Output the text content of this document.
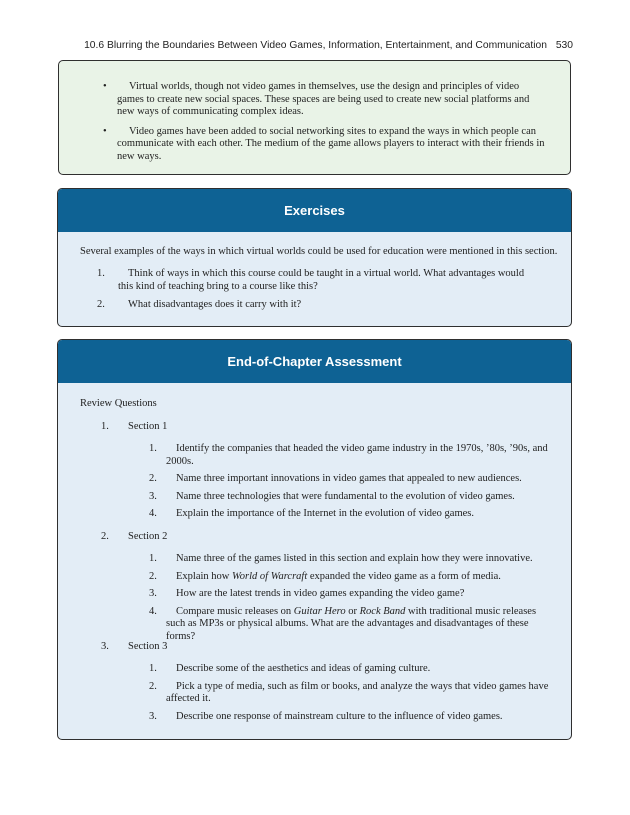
10.6 Blurring the Boundaries Between Video Games, Information, Entertainment, and Communication 530
•	Virtual worlds, though not video games in themselves, use the design and principles of video games to create new social spaces. These spaces are being used to create new social platforms and new ways of communicating complex ideas.
•	Video games have been added to social networking sites to expand the ways in which people can communicate with each other. The medium of the game allows players to interact with their friends in new ways.
Exercises
Several examples of the ways in which virtual worlds could be used for education were mentioned in this section.
1.	Think of ways in which this course could be taught in a virtual world. What advantages would this kind of teaching bring to a course like this?
2.	What disadvantages does it carry with it?
End-of-Chapter Assessment
Review Questions
1. Section 1
1.	Identify the companies that headed the video game industry in the 1970s, ’80s, ’90s, and 2000s.
2.	Name three important innovations in video games that appealed to new audiences.
3.	Name three technologies that were fundamental to the evolution of video games.
4.	Explain the importance of the Internet in the evolution of video games.
2. Section 2
1.	Name three of the games listed in this section and explain how they were innovative.
2.	Explain how World of Warcraft expanded the video game as a form of media.
3.	How are the latest trends in video games expanding the video game?
4.	Compare music releases on Guitar Hero or Rock Band with traditional music releases such as MP3s or physical albums. What are the advantages and disadvantages of these forms?
3. Section 3
1.	Describe some of the aesthetics and ideas of gaming culture.
2.	Pick a type of media, such as film or books, and analyze the ways that video games have affected it.
3.	Describe one response of mainstream culture to the influence of video games.
